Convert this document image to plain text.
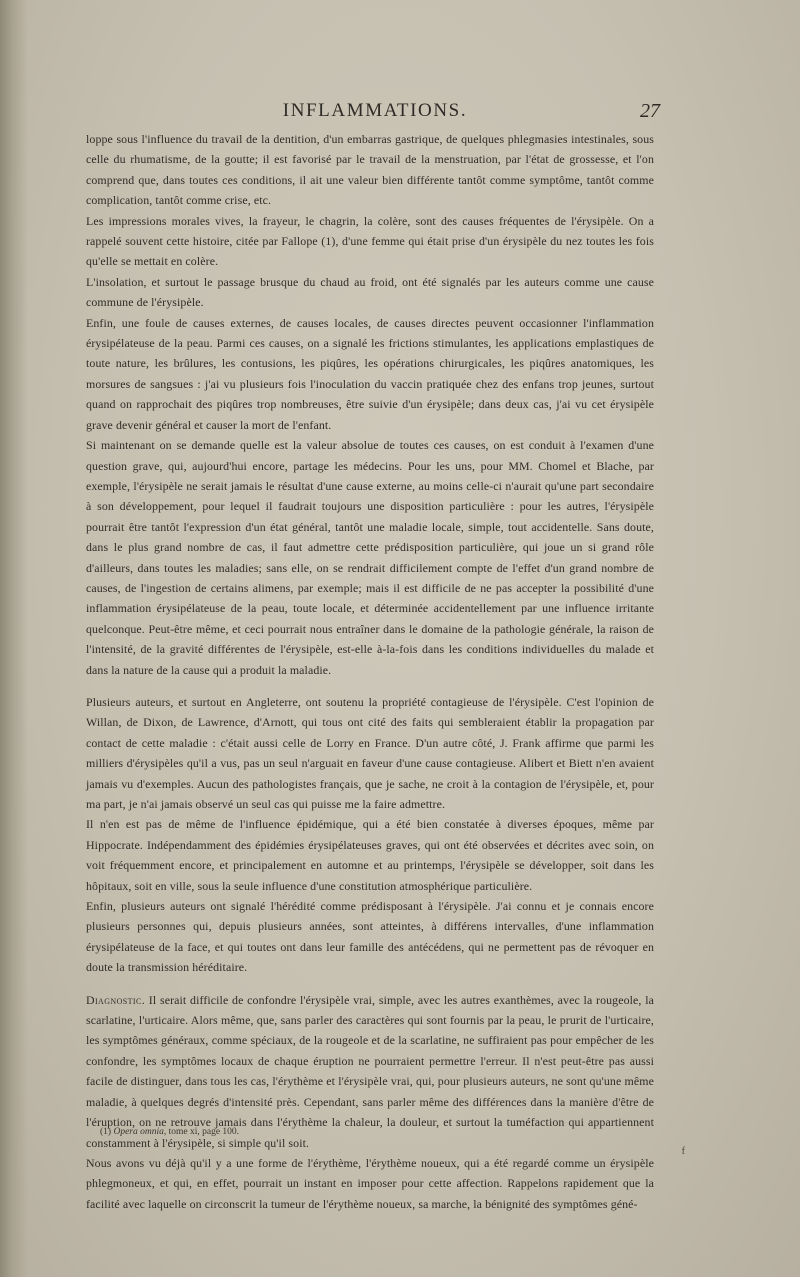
INFLAMMATIONS.	27

loppe sous l'influence du travail de la dentition, d'un embarras gastrique, de quelques phlegmasies intestinales, sous celle du rhumatisme, de la goutte; il est favorisé par le travail de la menstruation, par l'état de grossesse, et l'on comprend que, dans toutes ces conditions, il ait une valeur bien différente tantôt comme symptôme, tantôt comme complication, tantôt comme crise, etc.

Les impressions morales vives, la frayeur, le chagrin, la colère, sont des causes fréquentes de l'érysipèle. On a rappelé souvent cette histoire, citée par Fallope (1), d'une femme qui était prise d'un érysipèle du nez toutes les fois qu'elle se mettait en colère.

L'insolation, et surtout le passage brusque du chaud au froid, ont été signalés par les auteurs comme une cause commune de l'érysipèle.

Enfin, une foule de causes externes, de causes locales, de causes directes peuvent occasionner l'inflammation érysipélateuse de la peau. Parmi ces causes, on a signalé les frictions stimulantes, les applications emplastiques de toute nature, les brûlures, les contusions, les piqûres, les opérations chirurgicales, les piqûres anatomiques, les morsures de sangsues : j'ai vu plusieurs fois l'inoculation du vaccin pratiquée chez des enfans trop jeunes, surtout quand on rapprochait des piqûres trop nombreuses, être suivie d'un érysipèle; dans deux cas, j'ai vu cet érysipèle grave devenir général et causer la mort de l'enfant.

Si maintenant on se demande quelle est la valeur absolue de toutes ces causes, on est conduit à l'examen d'une question grave, qui, aujourd'hui encore, partage les médecins. Pour les uns, pour MM. Chomel et Blache, par exemple, l'érysipèle ne serait jamais le résultat d'une cause externe, au moins celle-ci n'aurait qu'une part secondaire à son développement, pour lequel il faudrait toujours une disposition particulière : pour les autres, l'érysipèle pourrait être tantôt l'expression d'un état général, tantôt une maladie locale, simple, tout accidentelle. Sans doute, dans le plus grand nombre de cas, il faut admettre cette prédisposition particulière, qui joue un si grand rôle d'ailleurs, dans toutes les maladies; sans elle, on se rendrait difficilement compte de l'effet d'un grand nombre de causes, de l'ingestion de certains alimens, par exemple; mais il est difficile de ne pas accepter la possibilité d'une inflammation érysipélateuse de la peau, toute locale, et déterminée accidentellement par une influence irritante quelconque. Peut-être même, et ceci pourrait nous entraîner dans le domaine de la pathologie générale, la raison de l'intensité, de la gravité différentes de l'érysipèle, est-elle à-la-fois dans les conditions individuelles du malade et dans la nature de la cause qui a produit la maladie.

Plusieurs auteurs, et surtout en Angleterre, ont soutenu la propriété contagieuse de l'érysipèle. C'est l'opinion de Willan, de Dixon, de Lawrence, d'Arnott, qui tous ont cité des faits qui sembleraient établir la propagation par contact de cette maladie : c'était aussi celle de Lorry en France. D'un autre côté, J. Frank affirme que parmi les milliers d'érysipèles qu'il a vus, pas un seul n'arguait en faveur d'une cause contagieuse. Alibert et Biett n'en avaient jamais vu d'exemples. Aucun des pathologistes français, que je sache, ne croit à la contagion de l'érysipèle, et, pour ma part, je n'ai jamais observé un seul cas qui puisse me la faire admettre.

Il n'en est pas de même de l'influence épidémique, qui a été bien constatée à diverses époques, même par Hippocrate. Indépendamment des épidémies érysipélateuses graves, qui ont été observées et décrites avec soin, on voit fréquemment encore, et principalement en automne et au printemps, l'érysipèle se développer, soit dans les hôpitaux, soit en ville, sous la seule influence d'une constitution atmosphérique particulière.

Enfin, plusieurs auteurs ont signalé l'hérédité comme prédisposant à l'érysipèle. J'ai connu et je connais encore plusieurs personnes qui, depuis plusieurs années, sont atteintes, à différens intervalles, d'une inflammation érysipélateuse de la face, et qui toutes ont dans leur famille des antécédens, qui ne permettent pas de révoquer en doute la transmission héréditaire.

Diagnostic. Il serait difficile de confondre l'érysipèle vrai, simple, avec les autres exanthèmes, avec la rougeole, la scarlatine, l'urticaire. Alors même, que, sans parler des caractères qui sont fournis par la peau, le prurit de l'urticaire, les symptômes généraux, comme spéciaux, de la rougeole et de la scarlatine, ne suffiraient pas pour empêcher de les confondre, les symptômes locaux de chaque éruption ne pourraient permettre l'erreur. Il n'est peut-être pas aussi facile de distinguer, dans tous les cas, l'érythème et l'érysipèle vrai, qui, pour plusieurs auteurs, ne sont qu'une même maladie, à quelques degrés d'intensité près. Cependant, sans parler même des différences dans la manière d'être de l'éruption, on ne retrouve jamais dans l'érythème la chaleur, la douleur, et surtout la tuméfaction qui appartiennent constamment à l'érysipèle, si simple qu'il soit.

Nous avons vu déjà qu'il y a une forme de l'érythème, l'érythème noueux, qui a été regardé comme un érysipèle phlegmoneux, et qui, en effet, pourrait un instant en imposer pour cette affection. Rappelons rapidement que la facilité avec laquelle on circonscrit la tumeur de l'érythème noueux, sa marche, la bénignité des symptômes géné-

(1) Opera omnia, tome xi, page 100.
f
